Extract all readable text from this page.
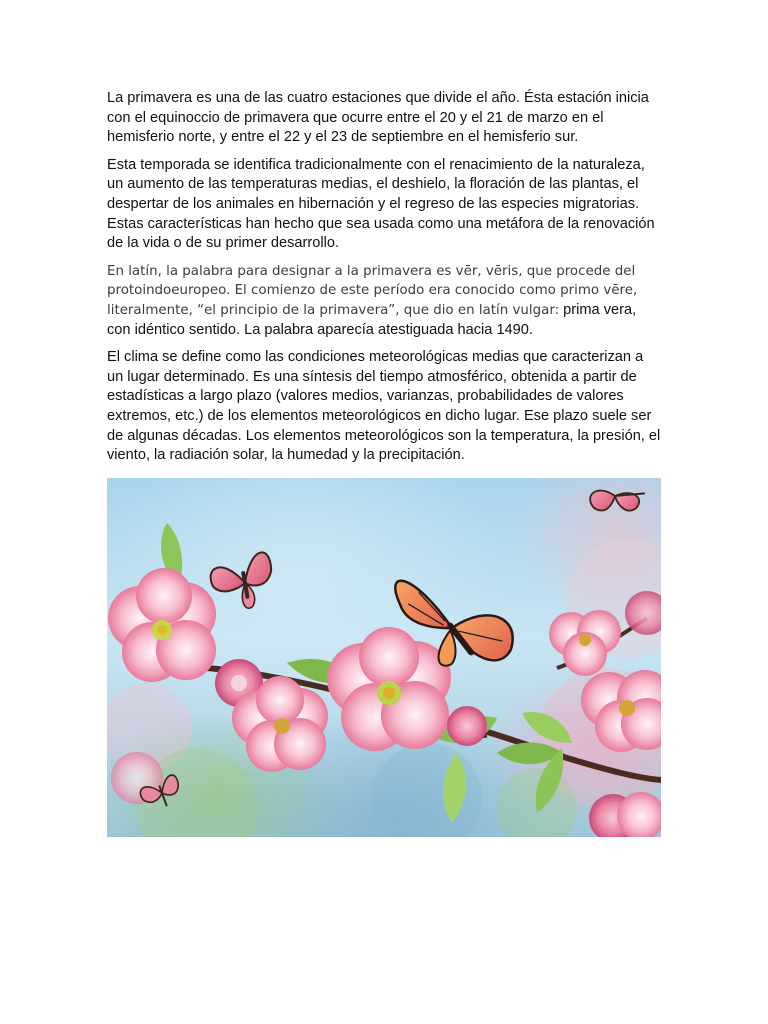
La primavera es una de las cuatro estaciones que divide el año. Ésta estación inicia con el equinoccio de primavera que ocurre entre el 20 y el 21 de marzo en el hemisferio norte, y entre el 22 y el 23 de septiembre en el hemisferio sur.

Esta temporada se identifica tradicionalmente con el renacimiento de la naturaleza, un aumento de las temperaturas medias, el deshielo, la floración de las plantas, el despertar de los animales en hibernación y el regreso de las especies migratorias. Estas características han hecho que sea usada como una metáfora de la renovación de la vida o de su primer desarrollo.

En latín, la palabra para designar a la primavera es vēr, vēris, que procede del protoindoeuropeo. El comienzo de este período era conocido como primo vēre, literalmente, “el principio de la primavera”, que dio en latín vulgar: prima vera, con idéntico sentido. La palabra aparecía atestiguada hacia 1490.

El clima se define como las condiciones meteorológicas medias que caracterizan a un lugar determinado. Es una síntesis del tiempo atmosférico, obtenida a partir de estadísticas a largo plazo (valores medios, varianzas, probabilidades de valores extremos, etc.) de los elementos meteorológicos en dicho lugar. Ese plazo suele ser de algunas décadas. Los elementos meteorológicos son la temperatura, la presión, el viento, la radiación solar, la humedad y la precipitación.
